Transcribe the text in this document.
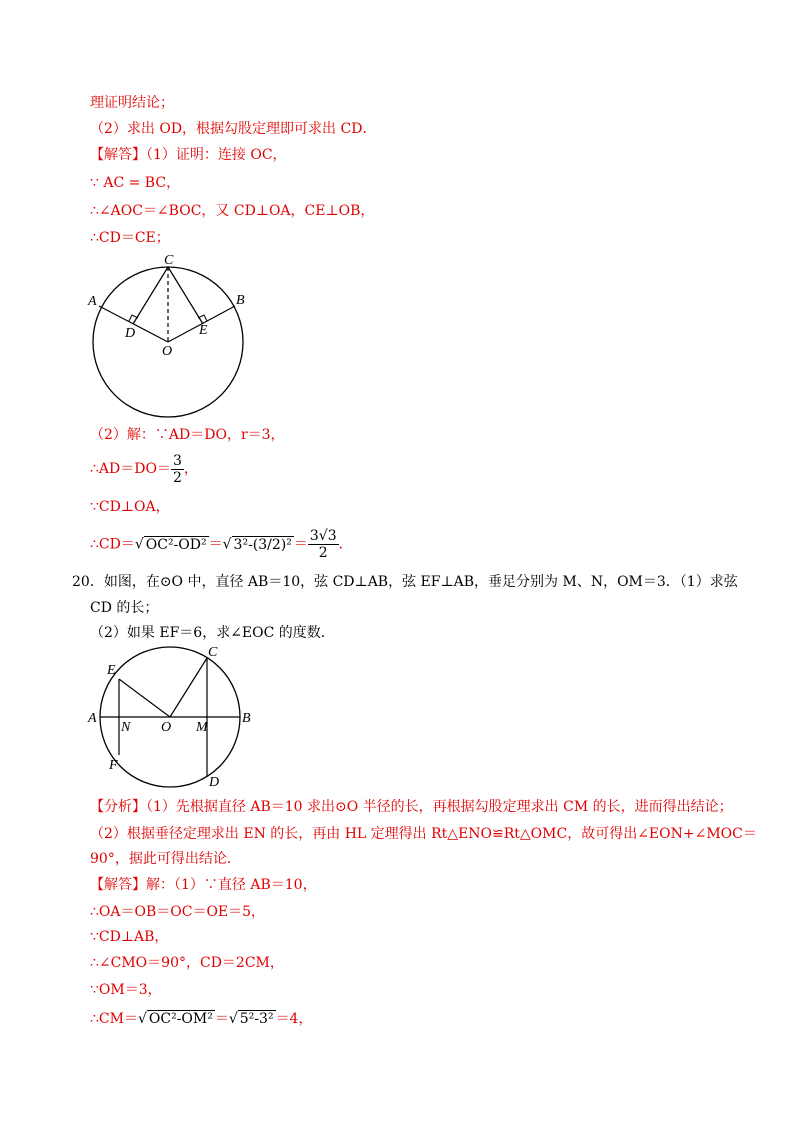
理证明结论；
（2）求出 OD，根据勾股定理即可求出 CD．
【解答】（1）证明：连接 OC，
∵ AC = BC，
∴∠AOC＝∠BOC，又 CD⊥OA，CE⊥OB，
∴CD＝CE；
A	B
C
D	E
O
（2）解：∵AD＝DO，r＝3，
∴AD＝DO＝ $\frac{3}{2}$ ，
∵CD⊥OA，
∴CD＝√ OC²-OD² ＝√ $3^2-(3/2)^2 = \frac{3√3}{2}$ ．
20．如图，在⊙O 中，直径 AB＝10，弦 CD⊥AB，弦 EF⊥AB，垂足分别为 M、N，OM＝3．（1）求弦
CD 的长；
（2）如果 EF＝6，求∠EOC 的度数．
A	B
C
D
E
F
N O M
【分析】（1）先根据直径 AB＝10 求出⊙O 半径的长，再根据勾股定理求出 CM 的长，进而得出结论；
（2）根据垂径定理求出 EN 的长，再由 HL 定理得出 Rt△ENO≌Rt△OMC，故可得出∠EON+∠MOC＝
90°，据此可得出结论．
【解答】解：（1）∵直径 AB＝10，
∴OA＝OB＝OC＝OE＝5，
∵CD⊥AB，
∴∠CMO＝90°，CD＝2CM，
∵OM＝3，
∴CM＝√ OC²-OM² ＝√ 5²-3² ＝4，
